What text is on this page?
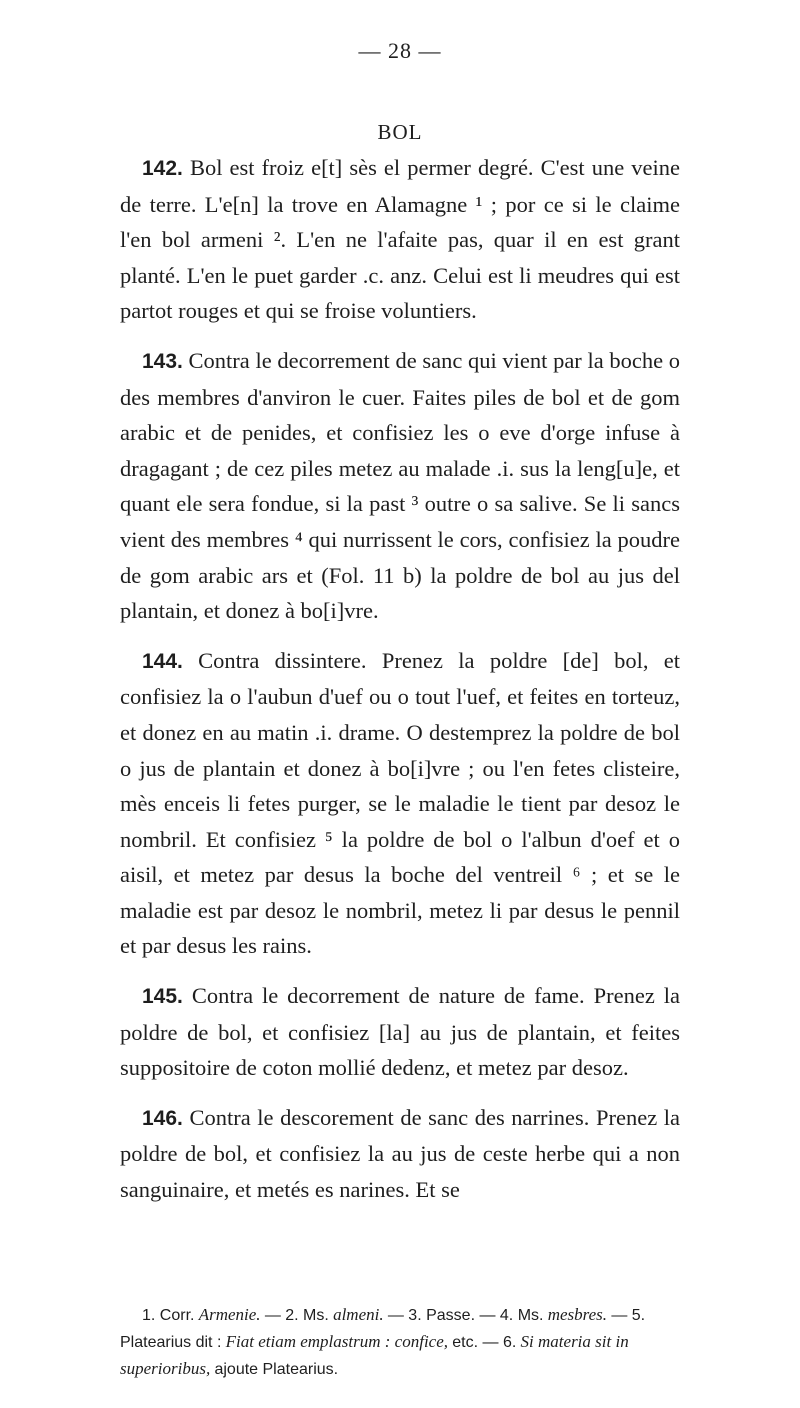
— 28 —
BOL

142. Bol est froiz e[t] sès el permer degré. C'est une veine de terre. L'e[n] la trove en Alamagne ¹ ; por ce si le claime l'en bol armeni ². L'en ne l'afaite pas, quar il en est grant planté. L'en le puet garder .c. anz. Celui est li meudres qui est partot rouges et qui se froise voluntiers.

143. Contra le decorrement de sanc qui vient par la boche o des membres d'anviron le cuer. Faites piles de bol et de gom arabic et de penides, et confisiez les o eve d'orge infuse à dragagant ; de cez piles metez au malade .i. sus la leng[u]e, et quant ele sera fondue, si la past ³ outre o sa salive. Se li sancs vient des membres ⁴ qui nurrissent le cors, confisiez la poudre de gom arabic ars et (Fol. 11 b) la poldre de bol au jus del plantain, et donez à bo[i]vre.

144. Contra dissintere. Prenez la poldre [de] bol, et confisiez la o l'aubun d'uef ou o tout l'uef, et feites en torteuz, et donez en au matin .i. drame. O destemprez la poldre de bol o jus de plantain et donez à bo[i]vre ; ou l'en fetes clisteire, mès enceis li fetes purger, se le maladie le tient par desoz le nombril. Et confisiez ⁵ la poldre de bol o l'albun d'oef et o aisil, et metez par desus la boche del ventreil ⁶ ; et se le maladie est par desoz le nombril, metez li par desus le pennil et par desus les rains.

145. Contra le decorrement de nature de fame. Prenez la poldre de bol, et confisiez [la] au jus de plantain, et feites suppositoire de coton mollié dedenz, et metez par desoz.

146. Contra le descorement de sanc des narrines. Prenez la poldre de bol, et confisiez la au jus de ceste herbe qui a non sanguinaire, et metés es narines. Et se

1. Corr. Armenie. — 2. Ms. almeni. — 3. Passe. — 4. Ms. mesbres. — 5. Platearius dit : Fiat etiam emplastrum : confice, etc. — 6. Si materia sit in superioribus, ajoute Platearius.
